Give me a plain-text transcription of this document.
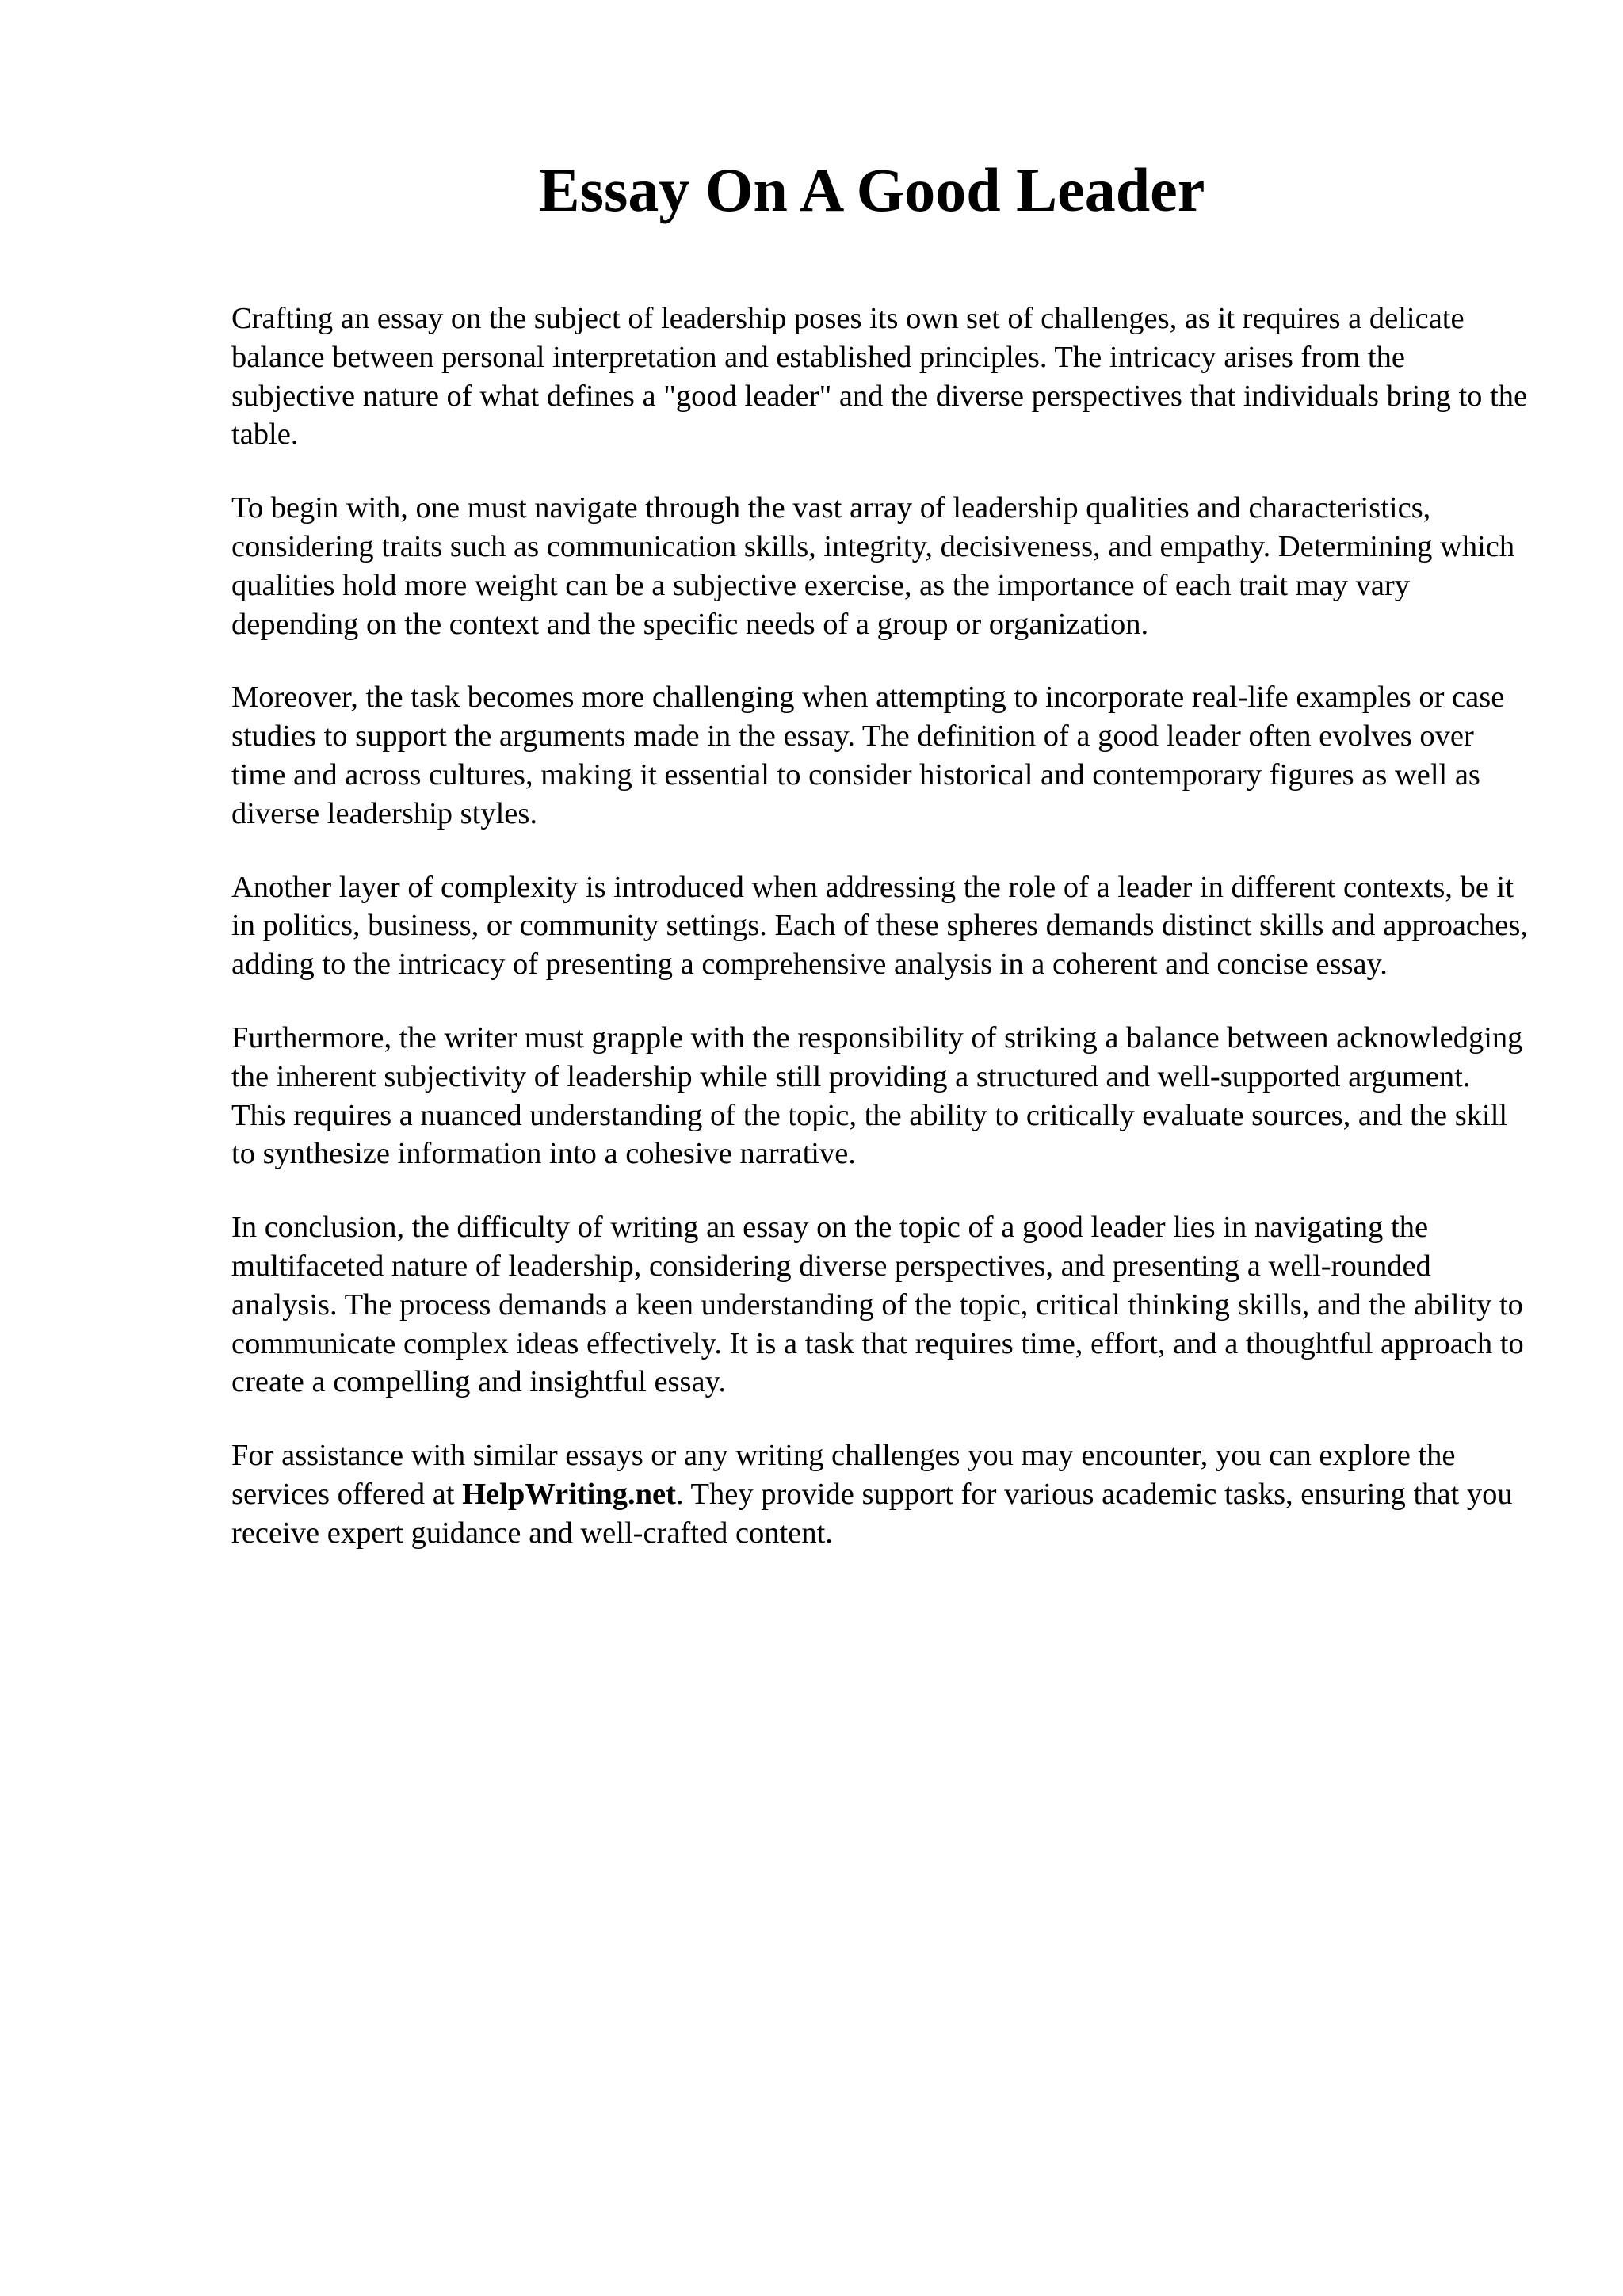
Essay On A Good Leader

Crafting an essay on the subject of leadership poses its own set of challenges, as it requires a delicate balance between personal interpretation and established principles. The intricacy arises from the subjective nature of what defines a "good leader" and the diverse perspectives that individuals bring to the table.

To begin with, one must navigate through the vast array of leadership qualities and characteristics, considering traits such as communication skills, integrity, decisiveness, and empathy. Determining which qualities hold more weight can be a subjective exercise, as the importance of each trait may vary depending on the context and the specific needs of a group or organization.

Moreover, the task becomes more challenging when attempting to incorporate real-life examples or case studies to support the arguments made in the essay. The definition of a good leader often evolves over time and across cultures, making it essential to consider historical and contemporary figures as well as diverse leadership styles.

Another layer of complexity is introduced when addressing the role of a leader in different contexts, be it in politics, business, or community settings. Each of these spheres demands distinct skills and approaches, adding to the intricacy of presenting a comprehensive analysis in a coherent and concise essay.

Furthermore, the writer must grapple with the responsibility of striking a balance between acknowledging the inherent subjectivity of leadership while still providing a structured and well-supported argument. This requires a nuanced understanding of the topic, the ability to critically evaluate sources, and the skill to synthesize information into a cohesive narrative.

In conclusion, the difficulty of writing an essay on the topic of a good leader lies in navigating the multifaceted nature of leadership, considering diverse perspectives, and presenting a well-rounded analysis. The process demands a keen understanding of the topic, critical thinking skills, and the ability to communicate complex ideas effectively. It is a task that requires time, effort, and a thoughtful approach to create a compelling and insightful essay.

For assistance with similar essays or any writing challenges you may encounter, you can explore the services offered at HelpWriting.net. They provide support for various academic tasks, ensuring that you receive expert guidance and well-crafted content.
